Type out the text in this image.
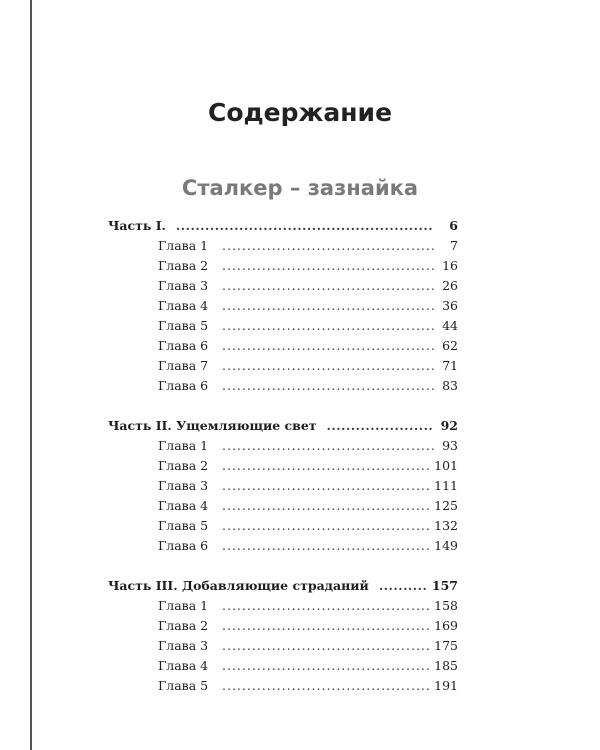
Содержание
Сталкер – зазнайка
Часть I. .....	6
Глава 1 .....	7
Глава 2 .....	16
Глава 3 .....	26
Глава 4 .....	36
Глава 5 .....	44
Глава 6 .....	62
Глава 7 .....	71
Глава 6 .....	83
Часть II. Ущемляющие свет .....	92
Глава 1 .....	93
Глава 2 .....	101
Глава 3 .....	111
Глава 4 .....	125
Глава 5 .....	132
Глава 6 .....	149
Часть III. Добавляющие страданий .....	157
Глава 1 .....	158
Глава 2 .....	169
Глава 3 .....	175
Глава 4 .....	185
Глава 5 .....	191
